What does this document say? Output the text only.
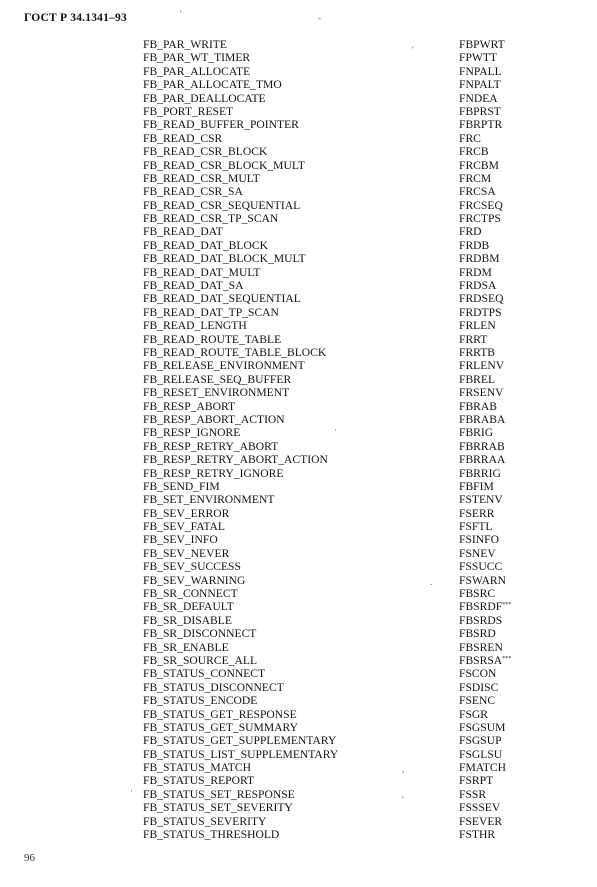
ГОСТ Р 34.1341–93
FB_PAR_WRITE	FBPWRT
FB_PAR_WT_TIMER	FPWTT
FB_PAR_ALLOCATE	FNPALL
FB_PAR_ALLOCATE_TMO	FNPALT
FB_PAR_DEALLOCATE	FNDEA
FB_PORT_RESET	FBPRST
FB_READ_BUFFER_POINTER	FBRPTR
FB_READ_CSR	FRC
FB_READ_CSR_BLOCK	FRCB
FB_READ_CSR_BLOCK_MULT	FRCBM
FB_READ_CSR_MULT	FRCM
FB_READ_CSR_SA	FRCSA
FB_READ_CSR_SEQUENTIAL	FRCSEQ
FB_READ_CSR_TP_SCAN	FRCTPS
FB_READ_DAT	FRD
FB_READ_DAT_BLOCK	FRDB
FB_READ_DAT_BLOCK_MULT	FRDBM
FB_READ_DAT_MULT	FRDM
FB_READ_DAT_SA	FRDSA
FB_READ_DAT_SEQUENTIAL	FRDSEQ
FB_READ_DAT_TP_SCAN	FRDTPS
FB_READ_LENGTH	FRLEN
FB_READ_ROUTE_TABLE	FRRT
FB_READ_ROUTE_TABLE_BLOCK	FRRTB
FB_RELEASE_ENVIRONMENT	FRLENV
FB_RELEASE_SEQ_BUFFER	FBREL
FB_RESET_ENVIRONMENT	FRSENV
FB_RESP_ABORT	FBRAB
FB_RESP_ABORT_ACTION	FBRABA
FB_RESP_IGNORE	FBRIG
FB_RESP_RETRY_ABORT	FBRRAB
FB_RESP_RETRY_ABORT_ACTION	FBRRAA
FB_RESP_RETRY_IGNORE	FBRRIG
FB_SEND_FIM	FBFIM
FB_SET_ENVIRONMENT	FSTENV
FB_SEV_ERROR	FSERR
FB_SEV_FATAL	FSFTL
FB_SEV_INFO	FSINFO
FB_SEV_NEVER	FSNEV
FB_SEV_SUCCESS	FSSUCC
FB_SEV_WARNING	FSWARN
FB_SR_CONNECT	FBSRC
FB_SR_DEFAULT	FBSRDF***
FB_SR_DISABLE	FBSRDS
FB_SR_DISCONNECT	FBSRD
FB_SR_ENABLE	FBSREN
FB_SR_SOURCE_ALL	FBSRSA***
FB_STATUS_CONNECT	FSCON
FB_STATUS_DISCONNECT	FSDISC
FB_STATUS_ENCODE	FSENC
FB_STATUS_GET_RESPONSE	FSGR
FB_STATUS_GET_SUMMARY	FSGSUM
FB_STATUS_GET_SUPPLEMENTARY	FSGSUP
FB_STATUS_LIST_SUPPLEMENTARY	FSGLSU
FB_STATUS_MATCH	FMATCH
FB_STATUS_REPORT	FSRPT
FB_STATUS_SET_RESPONSE	FSSR
FB_STATUS_SET_SEVERITY	FSSSEV
FB_STATUS_SEVERITY	FSEVER
FB_STATUS_THRESHOLD	FSTHR
96
'	-
'
·
.
·
,
'
